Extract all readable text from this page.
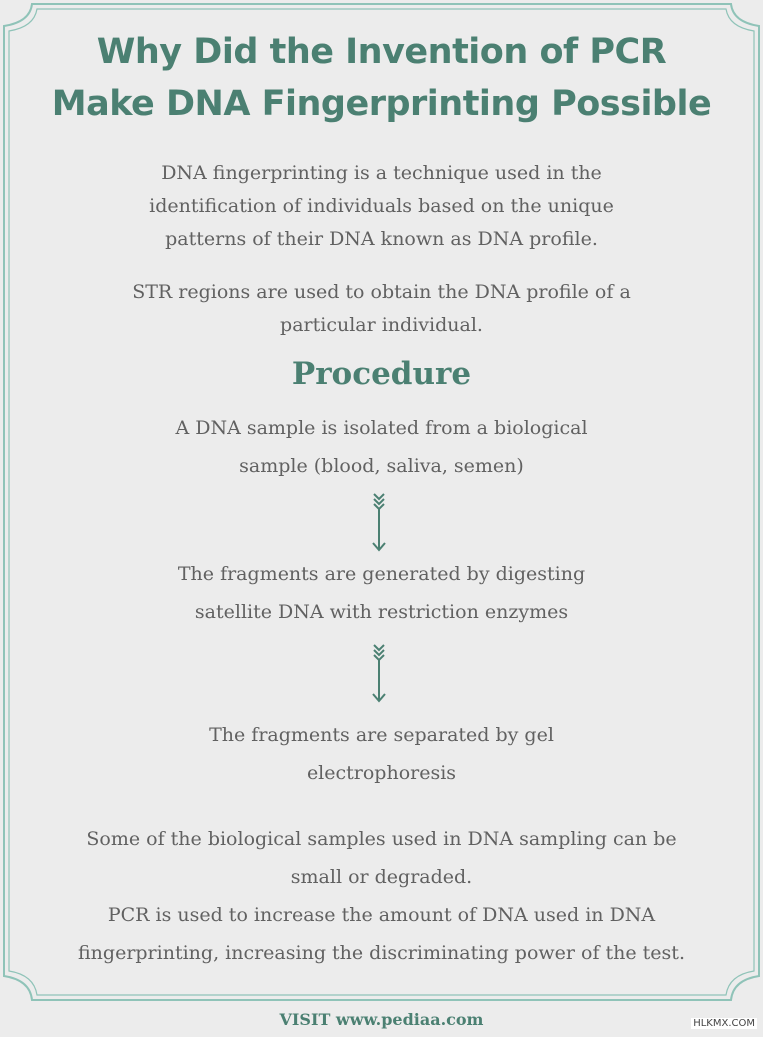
Why Did the Invention of PCR
Make DNA Fingerprinting Possible

DNA fingerprinting is a technique used in the
identification of individuals based on the unique
patterns of their DNA known as DNA profile.

STR regions are used to obtain the DNA profile of a
particular individual.

Procedure

A DNA sample is isolated from a biological
sample (blood, saliva, semen)

The fragments are generated by digesting
satellite DNA with restriction enzymes

The fragments are separated by gel
electrophoresis

Some of the biological samples used in DNA sampling can be
small or degraded.
PCR is used to increase the amount of DNA used in DNA
fingerprinting, increasing the discriminating power of the test.

VISIT www.pediaa.com	HLKMX.COM
